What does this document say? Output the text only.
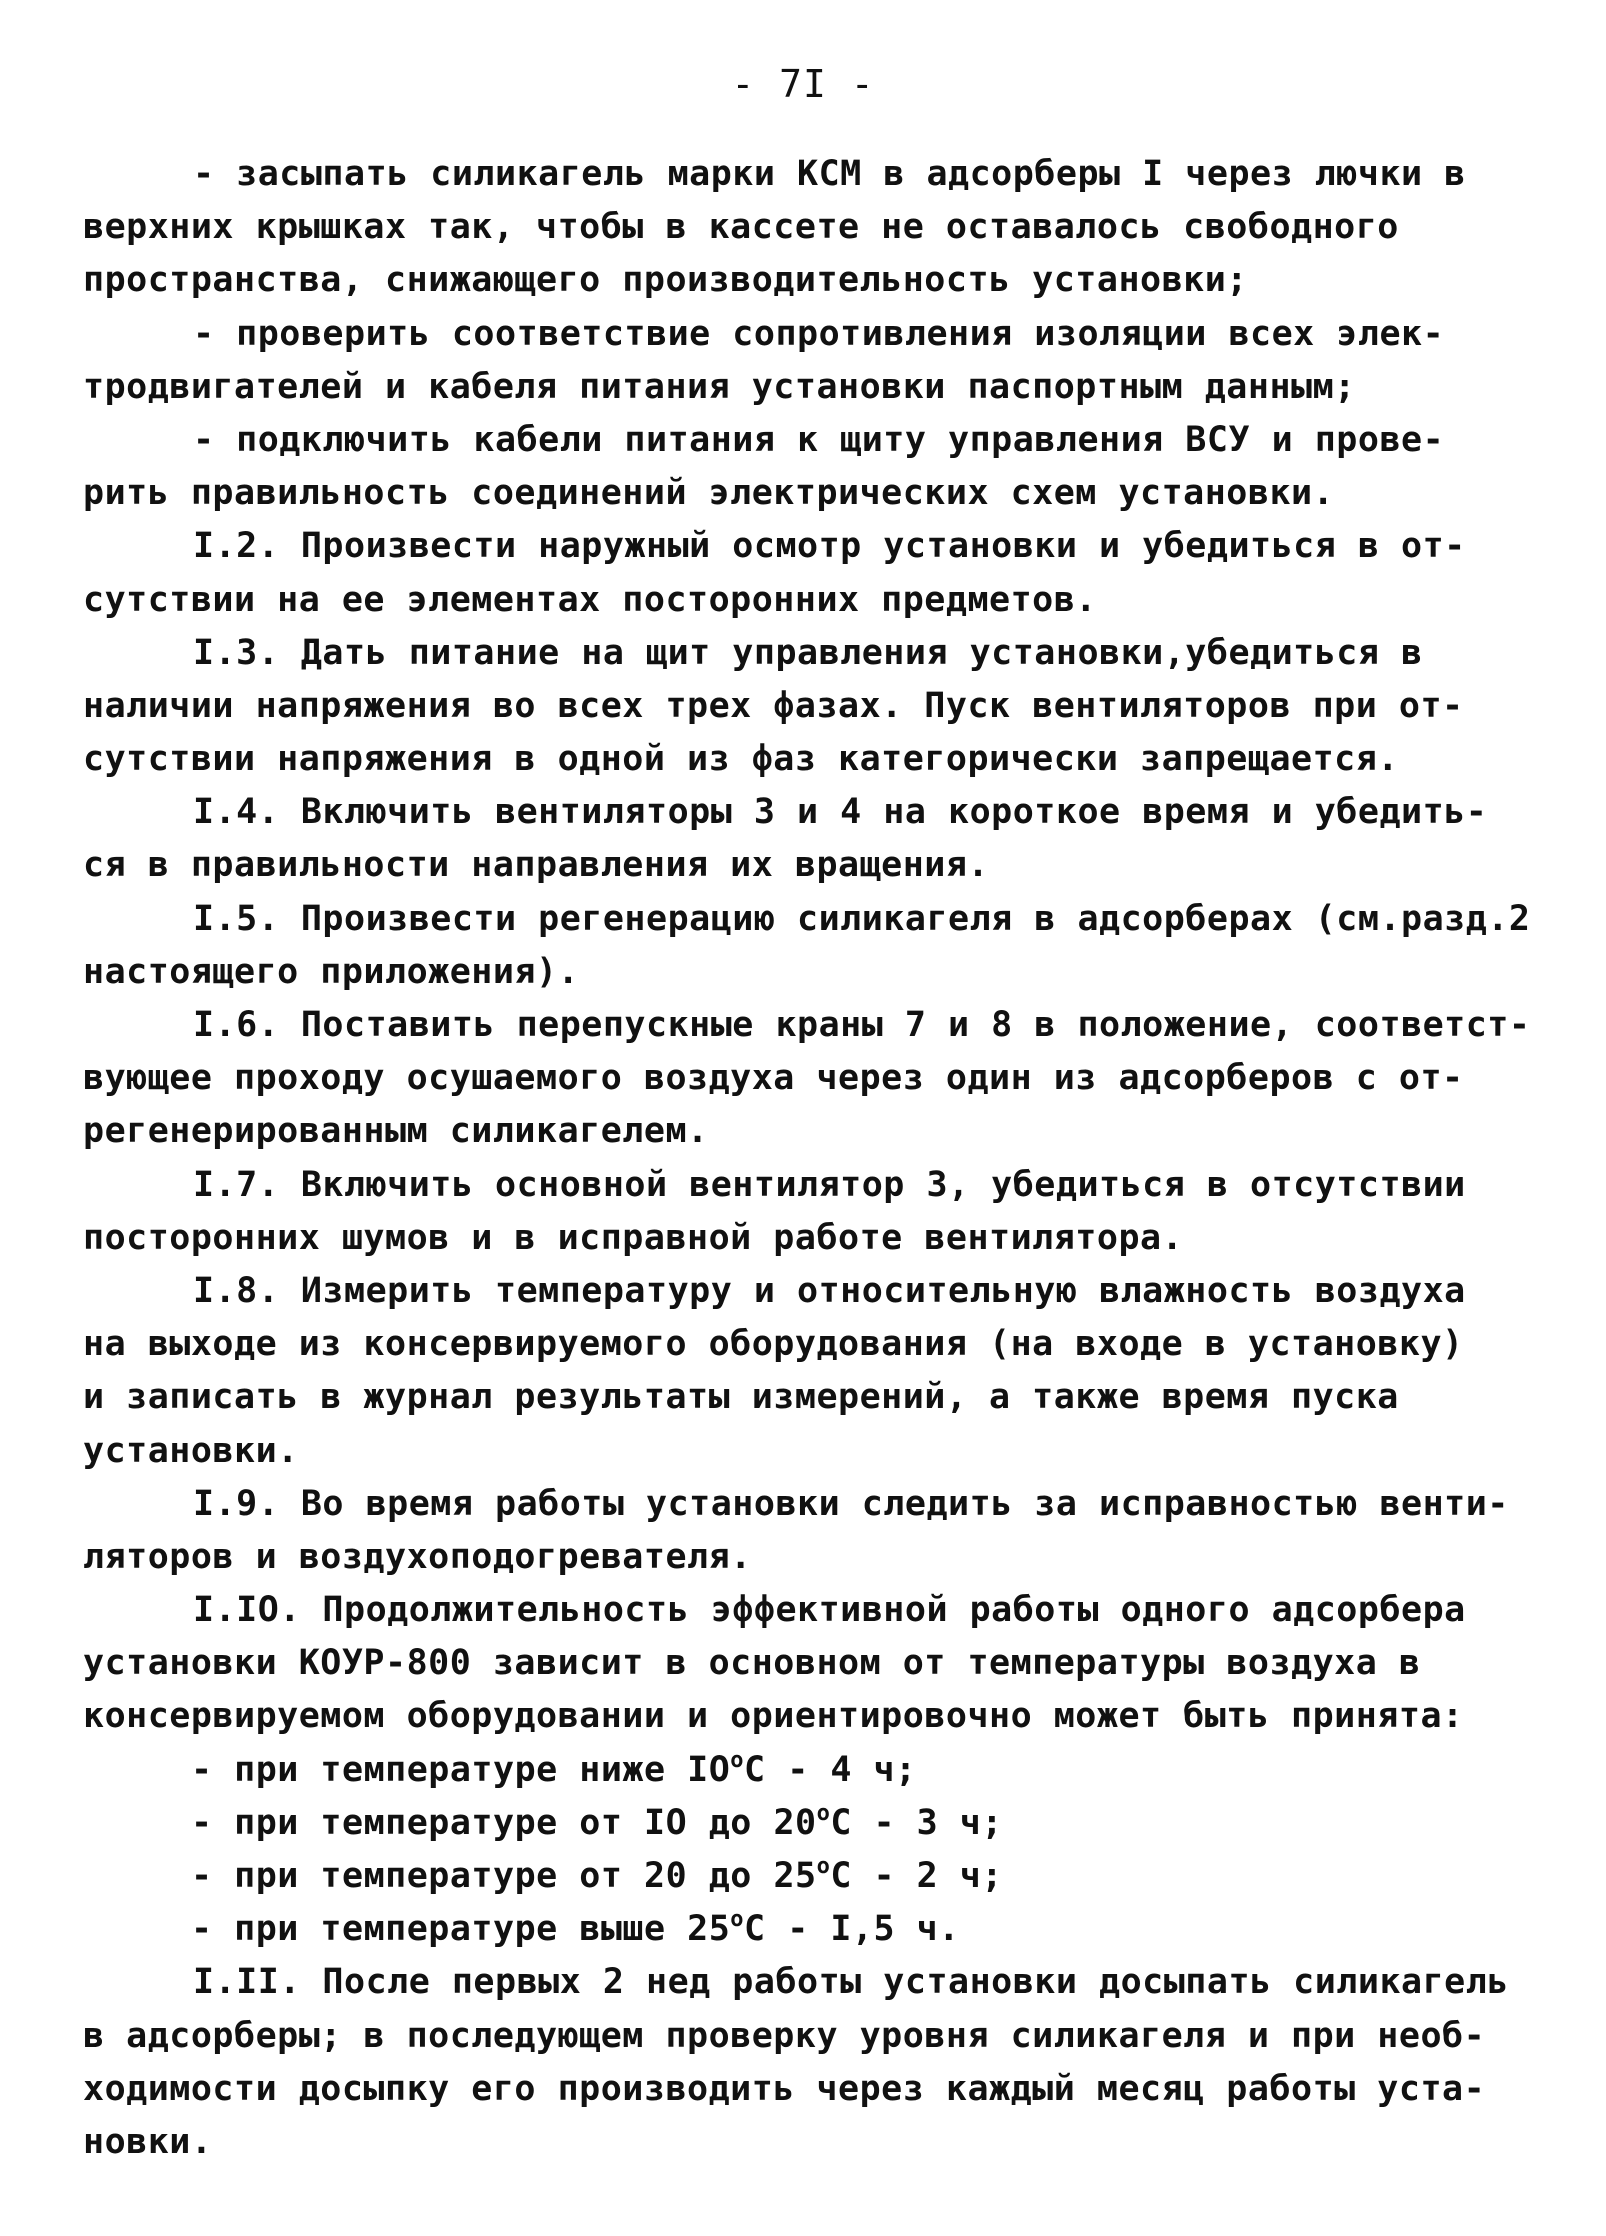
- 7I -
- засыпать силикагель марки КСМ в адсорберы I через лючки в
верхних крышках так, чтобы в кассете не оставалось свободного
пространства, снижающего производительность установки;
- проверить соответствие сопротивления изоляции всех элек-
тродвигателей и кабеля питания установки паспортным данным;
- подключить кабели питания к щиту управления ВСУ и прове-
рить правильность соединений электрических схем установки.
I.2. Произвести наружный осмотр установки и убедиться в от-
сутствии на ее элементах посторонних предметов.
I.3. Дать питание на щит управления установки,убедиться в
наличии напряжения во всех трех фазах. Пуск вентиляторов при от-
сутствии напряжения в одной из фаз категорически запрещается.
I.4. Включить вентиляторы 3 и 4 на короткое время и убедить-
ся в правильности направления их вращения.
I.5. Произвести регенерацию силикагеля в адсорберах (см.разд.2
настоящего приложения).
I.6. Поставить перепускные краны 7 и 8 в положение, соответст-
вующее проходу осушаемого воздуха через один из адсорберов с от-
регенерированным силикагелем.
I.7. Включить основной вентилятор 3, убедиться в отсутствии
посторонних шумов и в исправной работе вентилятора.
I.8. Измерить температуру и относительную влажность воздуха
на выходе из консервируемого оборудования (на входе в установку)
и записать в журнал результаты измерений, а также время пуска
установки.
I.9. Во время работы установки следить за исправностью венти-
ляторов и воздухоподогревателя.
I.IO. Продолжительность эффективной работы одного адсорбера
установки КОУР-800 зависит в основном от температуры воздуха в
консервируемом оборудовании и ориентировочно может быть принята:
- при температуре ниже $IO^оС - 4$ ч;
- при температуре от IO до $20^оС - 3$ ч;
- при температуре от 20 до $25^оС - 2$ ч;
- при температуре выше $25^оС - I,5$ ч.
I.II. После первых 2 нед работы установки досыпать силикагель
в адсорберы; в последующем проверку уровня силикагеля и при необ-
ходимости досыпку его производить через каждый месяц работы уста-
новки.
